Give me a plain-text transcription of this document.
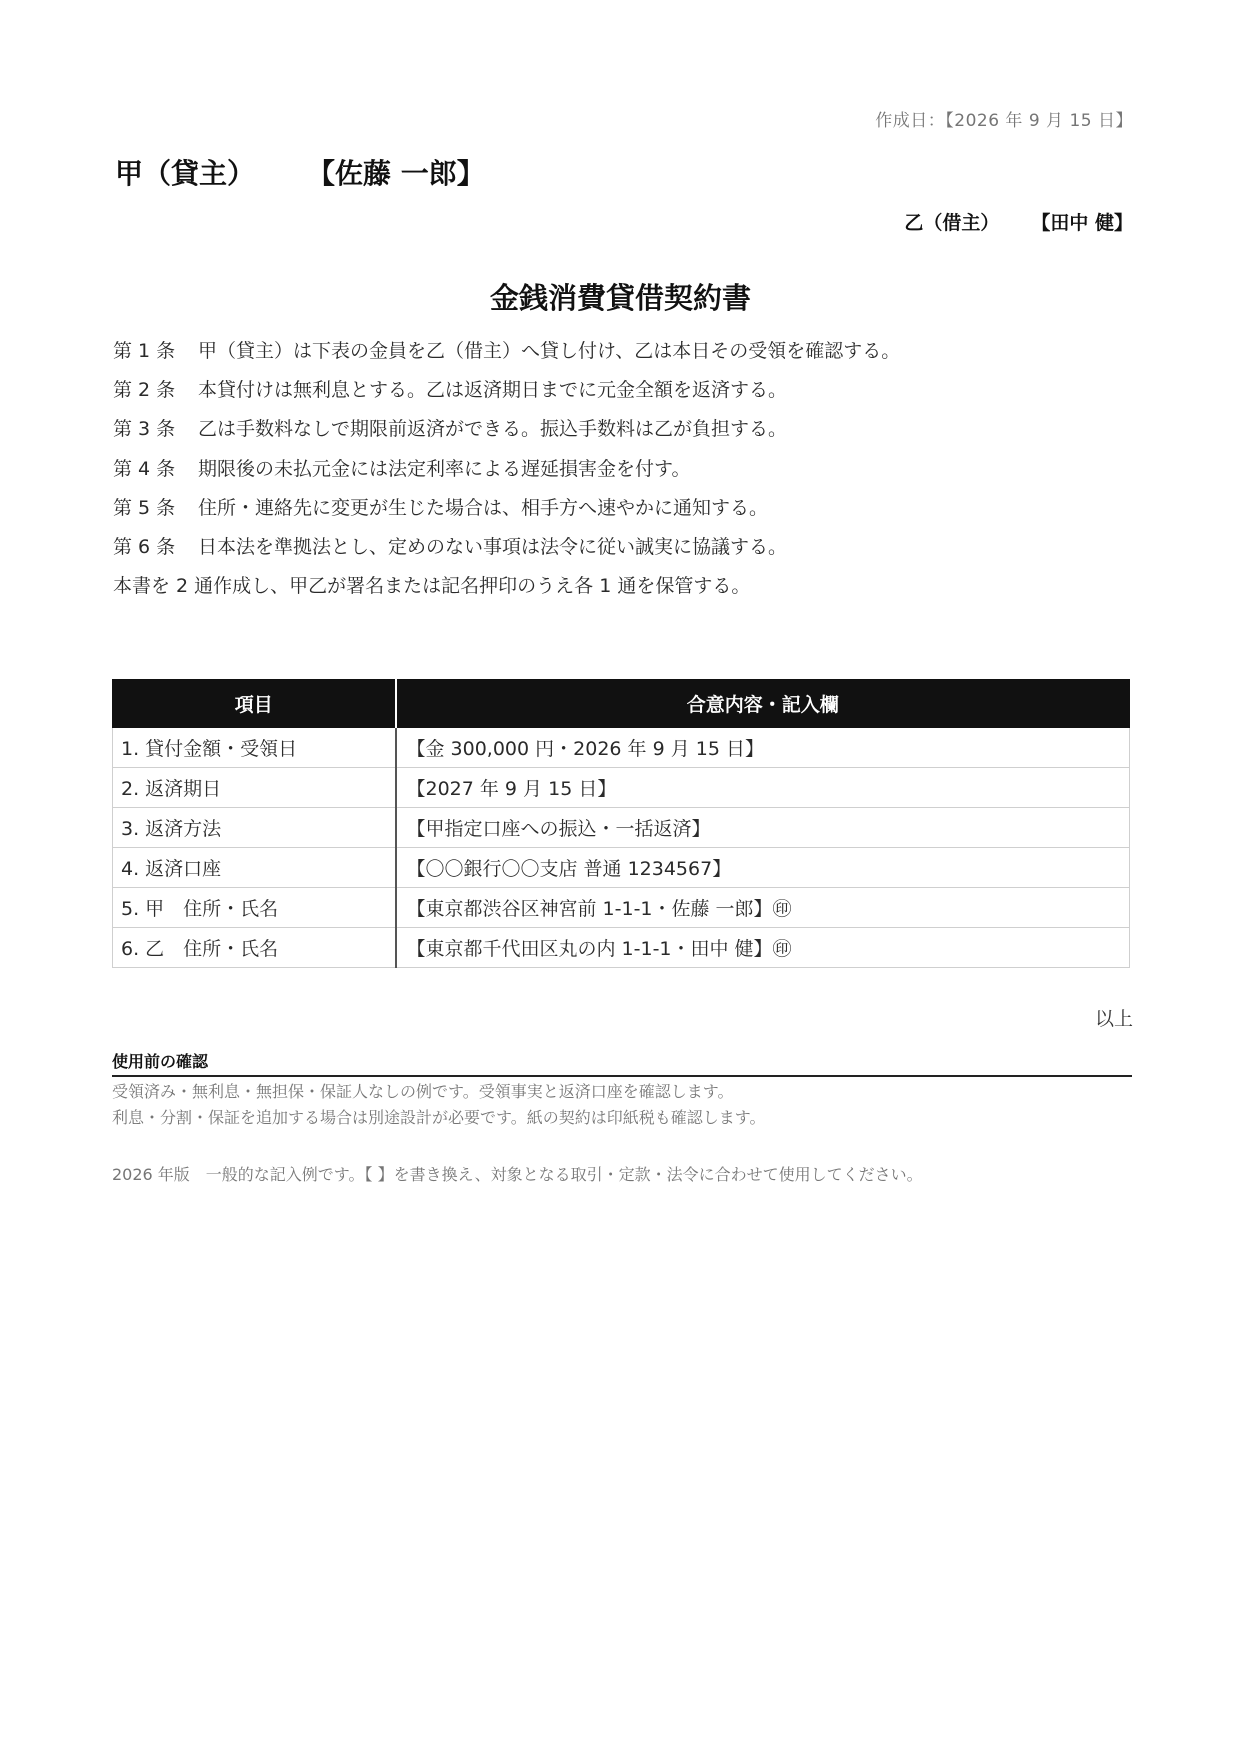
作成日：【2026 年 9 月 15 日】
甲（貸主） 【佐藤 一郎】
乙（借主） 【田中 健】
金銭消費貸借契約書
第 1 条 甲（貸主）は下表の金員を乙（借主）へ貸し付け、乙は本日その受領を確認する。
第 2 条 本貸付けは無利息とする。乙は返済期日までに元金全額を返済する。
第 3 条 乙は手数料なしで期限前返済ができる。振込手数料は乙が負担する。
第 4 条 期限後の未払元金には法定利率による遅延損害金を付す。
第 5 条 住所・連絡先に変更が生じた場合は、相手方へ速やかに通知する。
第 6 条 日本法を準拠法とし、定めのない事項は法令に従い誠実に協議する。
本書を 2 通作成し、甲乙が署名または記名押印のうえ各 1 通を保管する。
項目	合意内容・記入欄
1. 貸付金額・受領日	【金 300,000 円・2026 年 9 月 15 日】
2. 返済期日	【2027 年 9 月 15 日】
3. 返済方法	【甲指定口座への振込・一括返済】
4. 返済口座	【〇〇銀行〇〇支店 普通 1234567】
5. 甲　住所・氏名	【東京都渋谷区神宮前 1-1-1・佐藤 一郎】㊞
6. 乙　住所・氏名	【東京都千代田区丸の内 1-1-1・田中 健】㊞
以上
使用前の確認
受領済み・無利息・無担保・保証人なしの例です。受領事実と返済口座を確認します。
利息・分割・保証を追加する場合は別途設計が必要です。紙の契約は印紙税も確認します。
2026 年版　一般的な記入例です。【 】を書き換え、対象となる取引・定款・法令に合わせて使用してください。
